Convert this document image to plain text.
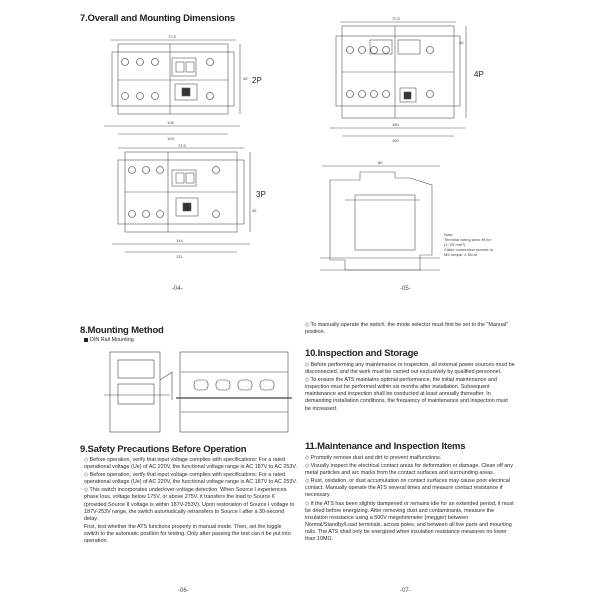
7.Overall and Mounting Dimensions
2P
4P
3P
72.5
108
103
45
72.5
180
160
45
72.5
144
131
45
85
Note:
Terminal wiring area: fit for
(1~25 mm²)
Cable connection screws to
M5 torque: 2.5N.m
-04-	-05-
8.Mounting Method
DIN Rail Mounting
9.Safety Precautions Before Operation

◇ Before operation, verify that input voltage complies with specifications: For a rated operational voltage (Ue) of AC 220V, the functional voltage range is AC 187V to AC 253V.

◇ Before operation, verify that input voltage complies with specifications: For a rated operational voltage (Ue) of AC 220V, the functional voltage range is AC 187V to AC 253V.

◇ This switch incorporates under/over-voltage detection. When Source I experiences phase loss, voltage below 175V, or above 275V, it transfers the load to Source II (provided Source II voltage is within 187V-253V). Upon restoration of Source I voltage to 187V-253V range, the switch automatically retransfers to Source I after a 30-second delay.

First, test whether the ATS functions properly in manual mode. Then, set the toggle switch to the automatic position for testing. Only after passing the test can it be put into operation.

-06-
◇ To manually operate the switch, the mode selector must first be set to the "Manual" position.
10.Inspection and Storage

◇ Before performing any maintenance or inspection, all external power sources must be disconnected, and the work must be carried out exclusively by qualified personnel.

◇ To ensure the ATS maintains optimal performance, the initial maintenance and inspection must be performed within six months after installation. Subsequent maintenance and inspection shall be conducted at least annually thereafter. In demanding installation conditions, the frequency of maintenance and inspection must be increased.

11.Maintenance and Inspection Items

◇ Promptly remove dust and dirt to prevent malfunctions.

◇ Visually inspect the electrical contact areas for deformation or damage. Clean off any metal particles and arc marks from the contact surfaces and surrounding areas.

◇ Rust, oxidation, or dust accumulation on contact surfaces may cause poor electrical contact. Manually operate the ATS several times and measure contact resistance if necessary.

◇ If the ATS has been slightly dampened or remains idle for an extended period, it must be dried before energizing. After removing dust and contaminants, measure the insulation resistance using a 500V megohmmeter (megger) between Normal/Standby/Load terminals, across poles, and between all live parts and mounting rails. The ATS shall only be energized when insulation resistance measures no lower than 10MΩ.

-07-
